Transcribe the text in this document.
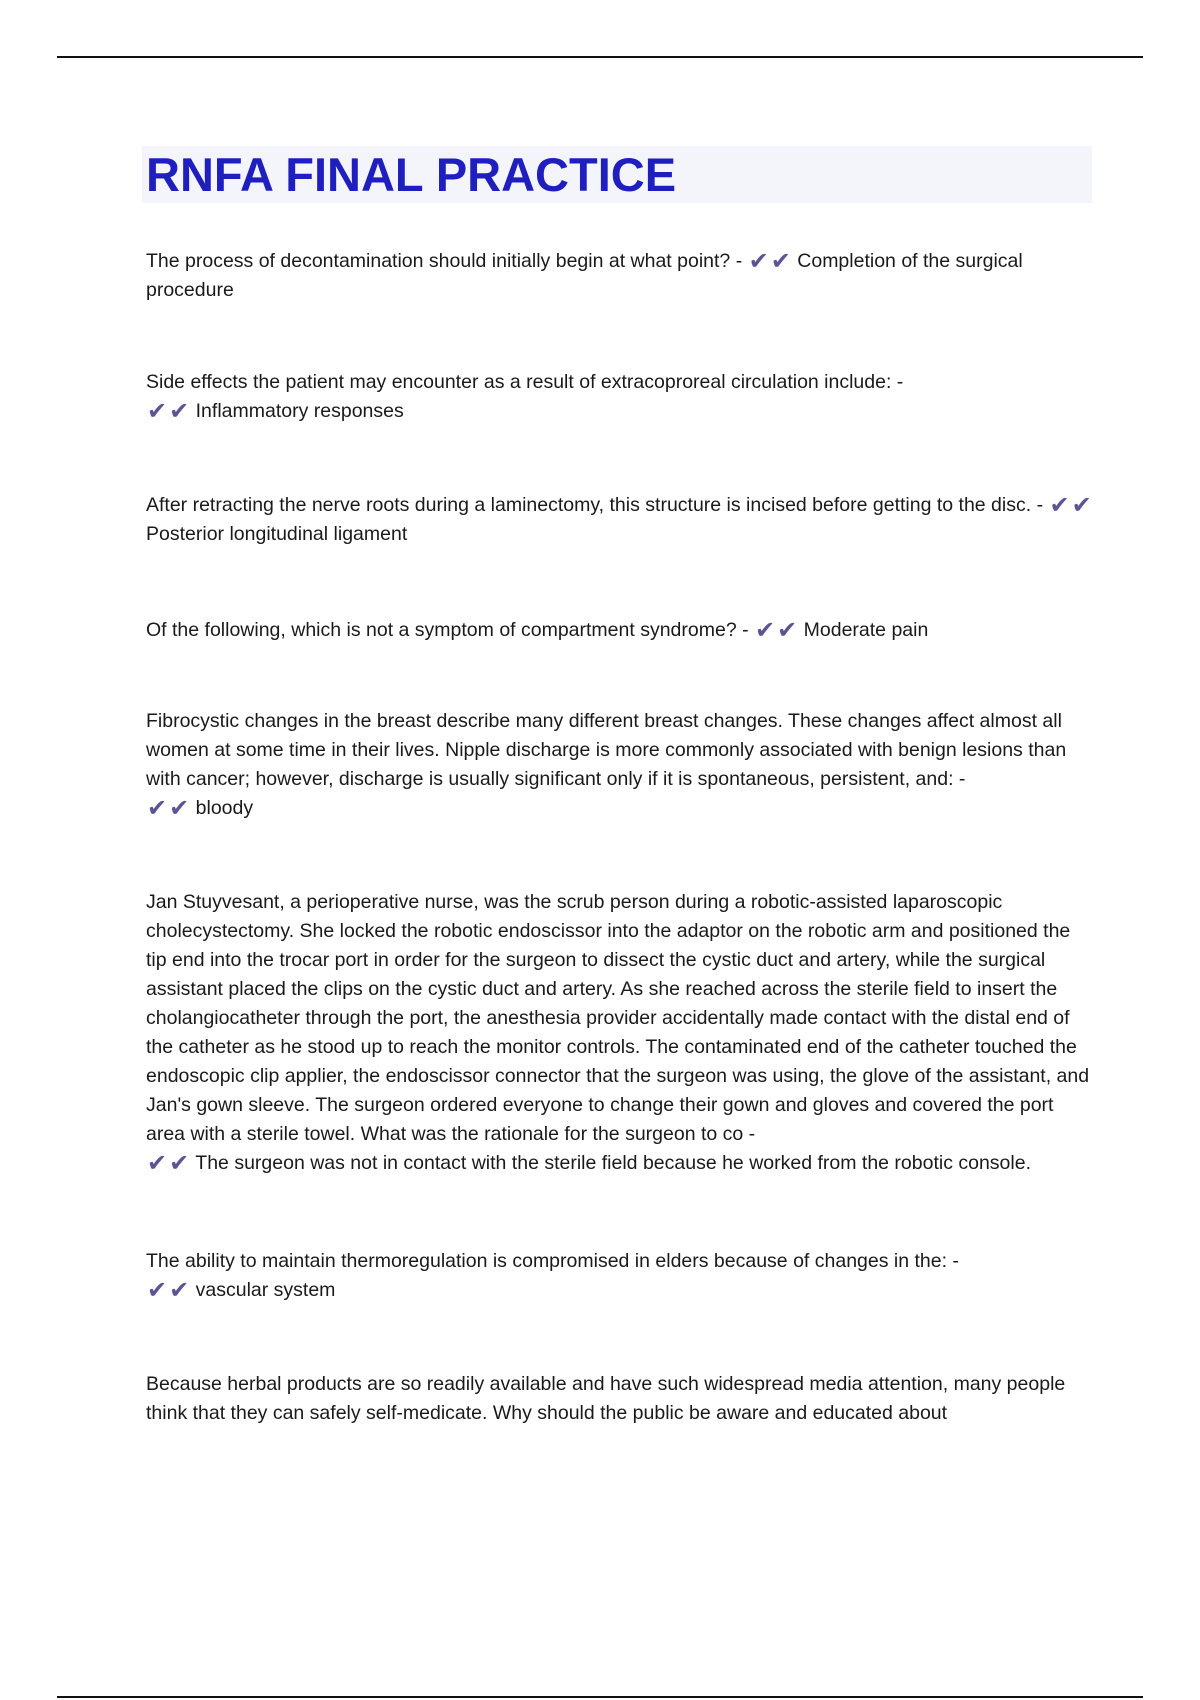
RNFA FINAL PRACTICE

The process of decontamination should initially begin at what point? - ✔✔ Completion of the surgical procedure

Side effects the patient may encounter as a result of extracoproreal circulation include: -
✔✔ Inflammatory responses

After retracting the nerve roots during a laminectomy, this structure is incised before getting to the disc. - ✔✔ Posterior longitudinal ligament

Of the following, which is not a symptom of compartment syndrome? - ✔✔ Moderate pain

Fibrocystic changes in the breast describe many different breast changes. These changes affect almost all women at some time in their lives. Nipple discharge is more commonly associated with benign lesions than with cancer; however, discharge is usually significant only if it is spontaneous, persistent, and: -
✔✔ bloody

Jan Stuyvesant, a perioperative nurse, was the scrub person during a robotic-assisted laparoscopic cholecystectomy. She locked the robotic endoscissor into the adaptor on the robotic arm and positioned the tip end into the trocar port in order for the surgeon to dissect the cystic duct and artery, while the surgical assistant placed the clips on the cystic duct and artery. As she reached across the sterile field to insert the cholangiocatheter through the port, the anesthesia provider accidentally made contact with the distal end of the catheter as he stood up to reach the monitor controls. The contaminated end of the catheter touched the endoscopic clip applier, the endoscissor connector that the surgeon was using, the glove of the assistant, and Jan's gown sleeve. The surgeon ordered everyone to change their gown and gloves and covered the port area with a sterile towel. What was the rationale for the surgeon to co -
✔✔ The surgeon was not in contact with the sterile field because he worked from the robotic console.

The ability to maintain thermoregulation is compromised in elders because of changes in the: -
✔✔ vascular system

Because herbal products are so readily available and have such widespread media attention, many people think that they can safely self-medicate. Why should the public be aware and educated about
